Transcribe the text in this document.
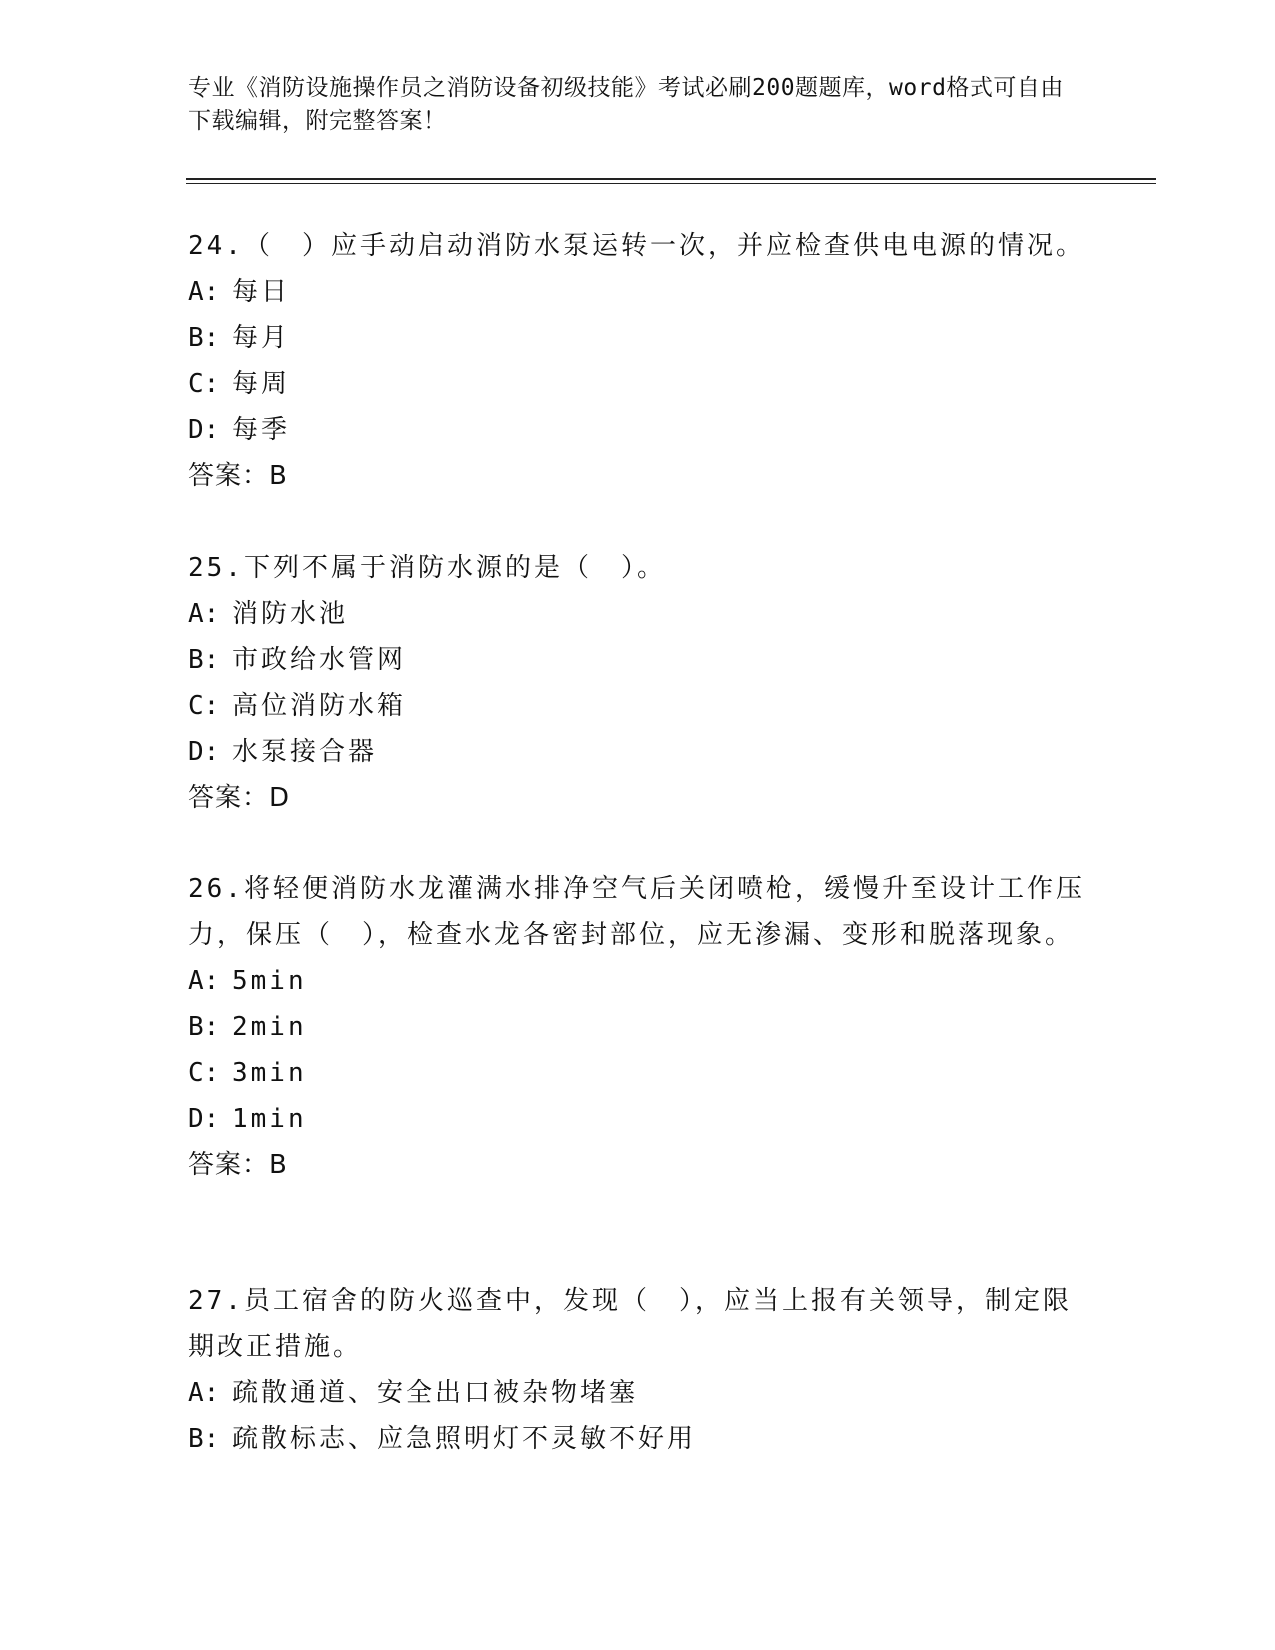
专业《消防设施操作员之消防设备初级技能》考试必刷200题题库，word格式可自由下载编辑，附完整答案！
24.（　）应手动启动消防水泵运转一次，并应检查供电电源的情况。
A: 每日
B: 每月
C: 每周
D: 每季
答案：B
25.下列不属于消防水源的是（　）。
A: 消防水池
B: 市政给水管网
C: 高位消防水箱
D: 水泵接合器
答案：D
26.将轻便消防水龙灌满水排净空气后关闭喷枪，缓慢升至设计工作压力，保压（　），检查水龙各密封部位，应无渗漏、变形和脱落现象。
A: 5min
B: 2min
C: 3min
D: 1min
答案：B
27.员工宿舍的防火巡查中，发现（　），应当上报有关领导，制定限期改正措施。
A: 疏散通道、安全出口被杂物堵塞
B: 疏散标志、应急照明灯不灵敏不好用
